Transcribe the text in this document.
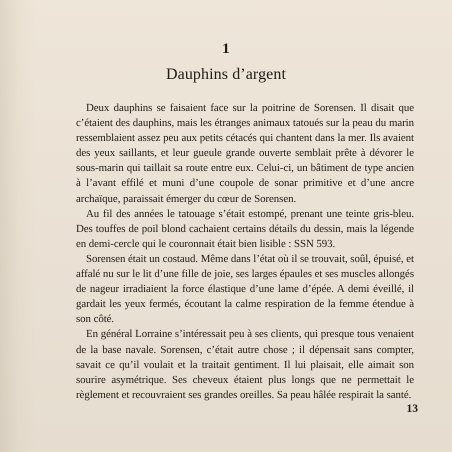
1
Dauphins d’argent

Deux dauphins se faisaient face sur la poitrine de Sorensen. Il disait que c’étaient des dauphins, mais les étranges animaux tatoués sur la peau du marin ressemblaient assez peu aux petits cétacés qui chantent dans la mer. Ils avaient des yeux saillants, et leur gueule grande ouverte semblait prête à dévorer le sous-marin qui taillait sa route entre eux. Celui-ci, un bâtiment de type ancien à l’avant effilé et muni d’une coupole de sonar primitive et d’une ancre archaïque, paraissait émerger du cœur de Sorensen.

Au fil des années le tatouage s’était estompé, prenant une teinte gris-bleu. Des touffes de poil blond cachaient certains détails du dessin, mais la légende en demi-cercle qui le couronnait était bien lisible : SSN 593.

Sorensen était un costaud. Même dans l’état où il se trouvait, soûl, épuisé, et affalé nu sur le lit d’une fille de joie, ses larges épaules et ses muscles allongés de nageur irradiaient la force élastique d’une lame d’épée. A demi éveillé, il gardait les yeux fermés, écoutant la calme respiration de la femme étendue à son côté.

En général Lorraine s’intéressait peu à ses clients, qui presque tous venaient de la base navale. Sorensen, c’était autre chose ; il dépensait sans compter, savait ce qu’il voulait et la traitait gentiment. Il lui plaisait, elle aimait son sourire asymétrique. Ses cheveux étaient plus longs que ne permettait le règlement et recouvraient ses grandes oreilles. Sa peau hâlée respirait la santé.

13
